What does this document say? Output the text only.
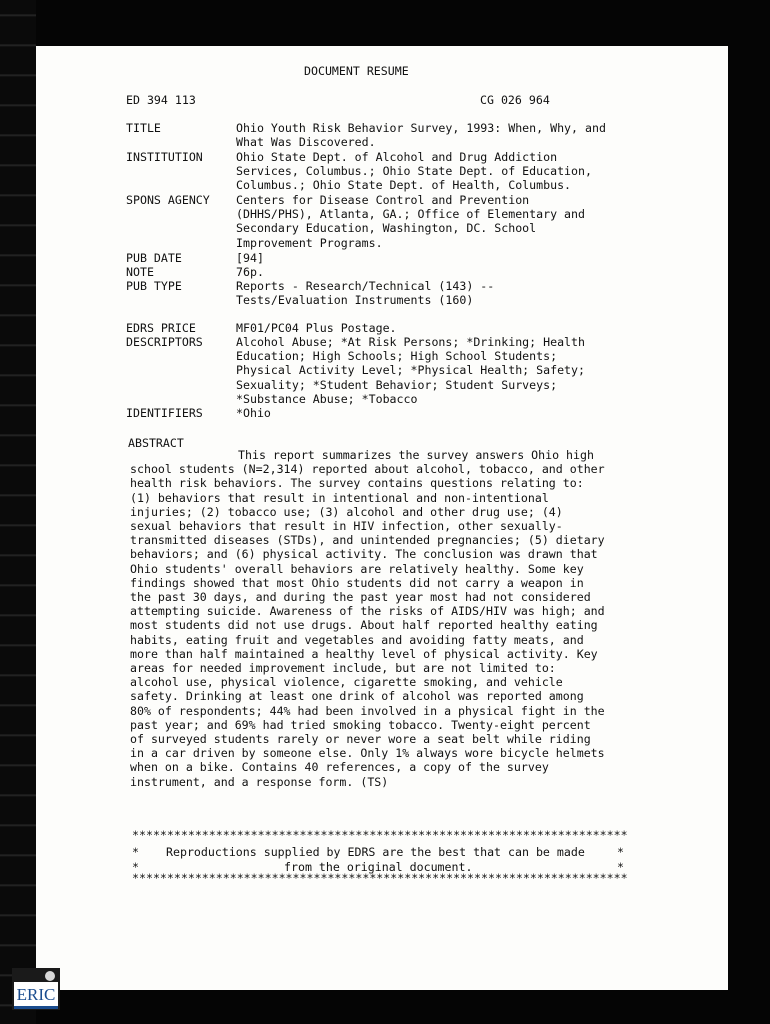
DOCUMENT RESUME
ED 394 113	CG 026 964
TITLE	Ohio Youth Risk Behavior Survey, 1993: When, Why, and
What Was Discovered.
INSTITUTION	Ohio State Dept. of Alcohol and Drug Addiction
Services, Columbus.; Ohio State Dept. of Education,
Columbus.; Ohio State Dept. of Health, Columbus.
SPONS AGENCY	Centers for Disease Control and Prevention
(DHHS/PHS), Atlanta, GA.; Office of Elementary and
Secondary Education, Washington, DC. School
Improvement Programs.
PUB DATE	[94]
NOTE	76p.
PUB TYPE	Reports - Research/Technical (143) --
Tests/Evaluation Instruments (160)
EDRS PRICE	MF01/PC04 Plus Postage.
DESCRIPTORS	Alcohol Abuse; *At Risk Persons; *Drinking; Health
Education; High Schools; High School Students;
Physical Activity Level; *Physical Health; Safety;
Sexuality; *Student Behavior; Student Surveys;
*Substance Abuse; *Tobacco
IDENTIFIERS	*Ohio
ABSTRACT
This report summarizes the survey answers Ohio high school students (N=2,314) reported about alcohol, tobacco, and other health risk behaviors. The survey contains questions relating to: (1) behaviors that result in intentional and non-intentional injuries; (2) tobacco use; (3) alcohol and other drug use; (4) sexual behaviors that result in HIV infection, other sexually-transmitted diseases (STDs), and unintended pregnancies; (5) dietary behaviors; and (6) physical activity. The conclusion was drawn that Ohio students' overall behaviors are relatively healthy. Some key findings showed that most Ohio students did not carry a weapon in the past 30 days, and during the past year most had not considered attempting suicide. Awareness of the risks of AIDS/HIV was high; and most students did not use drugs. About half reported healthy eating habits, eating fruit and vegetables and avoiding fatty meats, and more than half maintained a healthy level of physical activity. Key areas for needed improvement include, but are not limited to: alcohol use, physical violence, cigarette smoking, and vehicle safety. Drinking at least one drink of alcohol was reported among 80% of respondents; 44% had been involved in a physical fight in the past year; and 69% had tried smoking tobacco. Twenty-eight percent of surveyed students rarely or never wore a seat belt while riding in a car driven by someone else. Only 1% always wore bicycle helmets when on a bike. Contains 40 references, a copy of the survey instrument, and a response form. (TS)
***********************************************************************
* Reproductions supplied by EDRS are the best that can be made	*
*	from the original document.	*
***********************************************************************
ERIC
